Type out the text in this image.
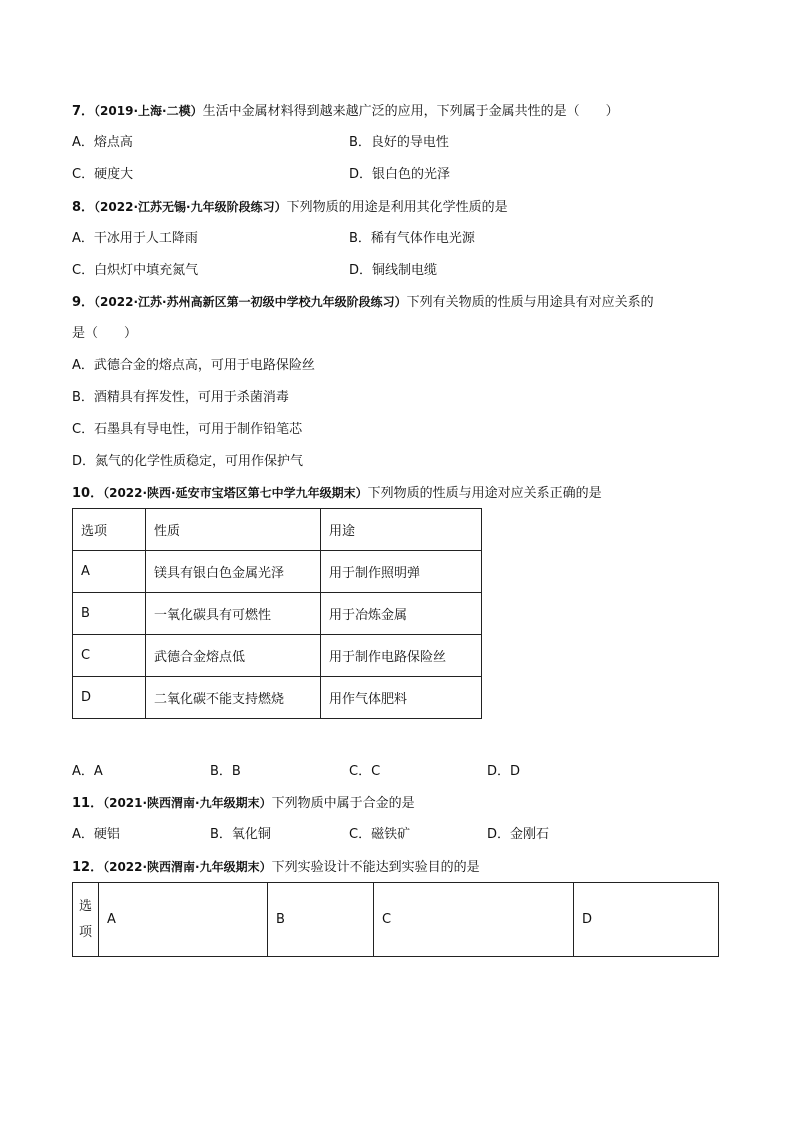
7．（2019·上海·二模）生活中金属材料得到越来越广泛的应用，下列属于金属共性的是（　　）
A．熔点高	B．良好的导电性
C．硬度大	D．银白色的光泽
8．（2022·江苏无锡·九年级阶段练习）下列物质的用途是利用其化学性质的是
A．干冰用于人工降雨	B．稀有气体作电光源
C．白炽灯中填充氮气	D．铜线制电缆
9．（2022·江苏·苏州高新区第一初级中学校九年级阶段练习）下列有关物质的性质与用途具有对应关系的
是（　　）
A．武德合金的熔点高，可用于电路保险丝
B．酒精具有挥发性，可用于杀菌消毒
C．石墨具有导电性，可用于制作铅笔芯
D．氮气的化学性质稳定，可用作保护气
10．（2022·陕西·延安市宝塔区第七中学九年级期末）下列物质的性质与用途对应关系正确的是
选项	性质	用途
A	镁具有银白色金属光泽	用于制作照明弹
B	一氧化碳具有可燃性	用于冶炼金属
C	武德合金熔点低	用于制作电路保险丝
D	二氧化碳不能支持燃烧	用作气体肥料
A．A	B．B	C．C	D．D
11．（2021·陕西渭南·九年级期末）下列物质中属于合金的是
A．硬铝	B．氧化铜	C．磁铁矿	D．金刚石
12．（2022·陕西渭南·九年级期末）下列实验设计不能达到实验目的的是
选
项
	A	B	C	D
